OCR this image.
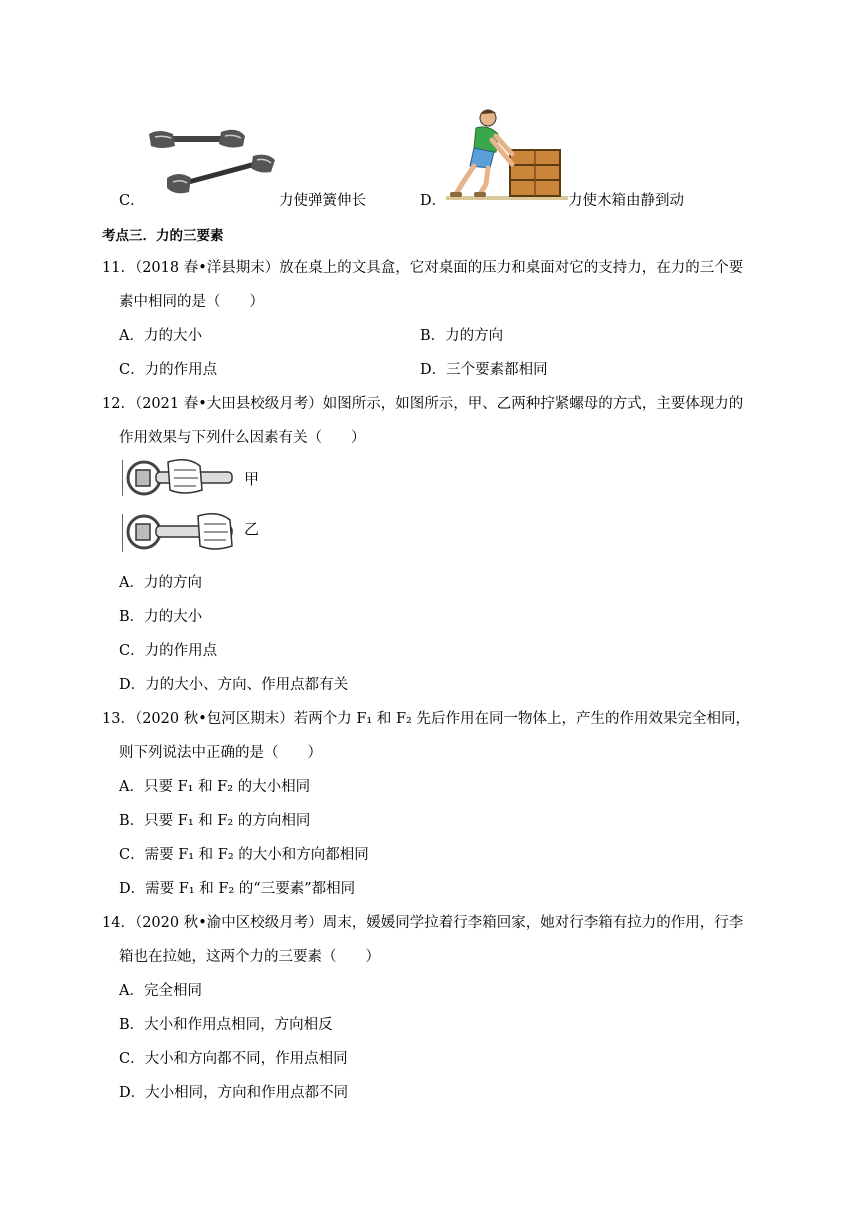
C．	力使弹簧伸长	D．	力使木箱由静到动
考点三．力的三要素
11．（2018 春•洋县期末）放在桌上的文具盒，它对桌面的压力和桌面对它的支持力，在力的三个要
素中相同的是（　　）
A．力的大小	B．力的方向
C．力的作用点	D．三个要素都相同
12．（2021 春•大田县校级月考）如图所示，如图所示，甲、乙两种拧紧螺母的方式，主要体现力的
作用效果与下列什么因素有关（　　）
甲
乙
A．力的方向
B．力的大小
C．力的作用点
D．力的大小、方向、作用点都有关
13．（2020 秋•包河区期末）若两个力 F₁ 和 F₂ 先后作用在同一物体上，产生的作用效果完全相同，
则下列说法中正确的是（　　）
A．只要 F₁ 和 F₂ 的大小相同
B．只要 F₁ 和 F₂ 的方向相同
C．需要 F₁ 和 F₂ 的大小和方向都相同
D．需要 F₁ 和 F₂ 的“三要素”都相同
14．（2020 秋•渝中区校级月考）周末，媛媛同学拉着行李箱回家，她对行李箱有拉力的作用，行李
箱也在拉她，这两个力的三要素（　　）
A．完全相同
B．大小和作用点相同，方向相反
C．大小和方向都不同，作用点相同
D．大小相同，方向和作用点都不同
